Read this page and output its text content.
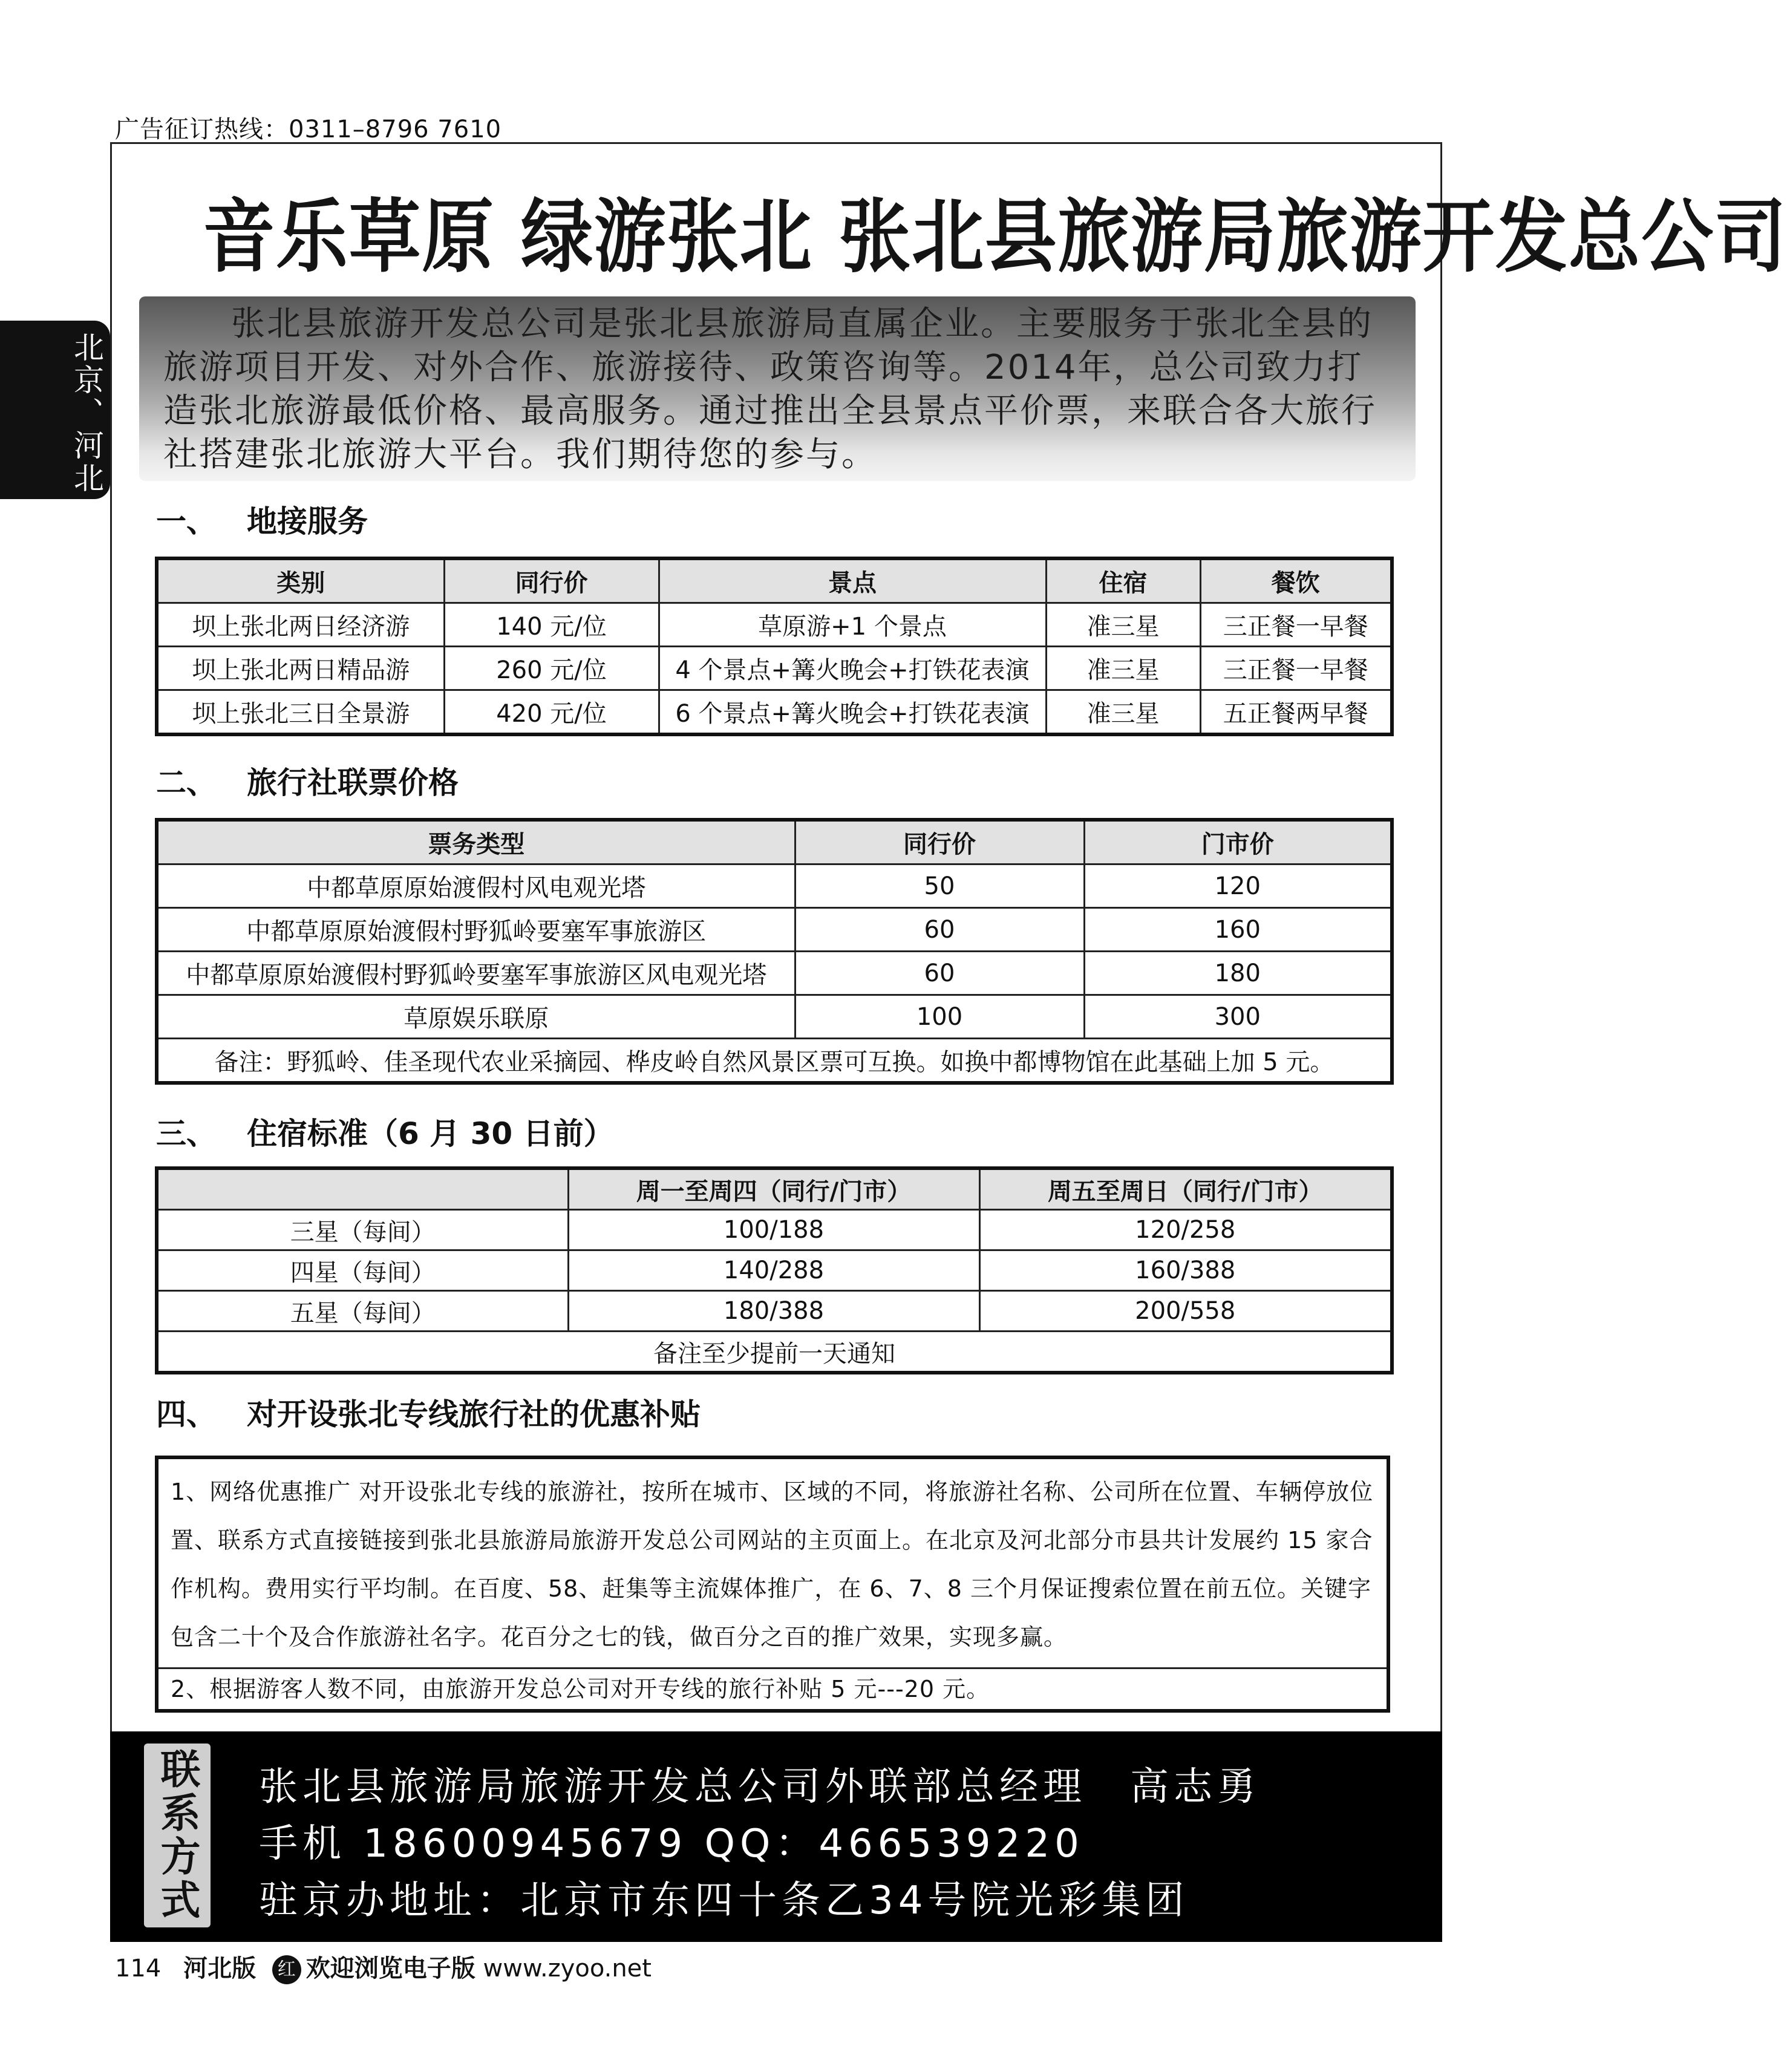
广告征订热线：0311–8796 7610
北京、河北
音乐草原 绿游张北 张北县旅游局旅游开发总公司
张北县旅游开发总公司是张北县旅游局直属企业。主要服务于张北全县的旅游项目开发、对外合作、旅游接待、政策咨询等。2014年，总公司致力打造张北旅游最低价格、最高服务。通过推出全县景点平价票，来联合各大旅行社搭建张北旅游大平台。我们期待您的参与。
一、 地接服务
类别	同行价	景点	住宿	餐饮
坝上张北两日经济游	140 元/位	草原游+1 个景点	准三星	三正餐一早餐
坝上张北两日精品游	260 元/位	4 个景点+篝火晚会+打铁花表演	准三星	三正餐一早餐
坝上张北三日全景游	420 元/位	6 个景点+篝火晚会+打铁花表演	准三星	五正餐两早餐
二、 旅行社联票价格
票务类型	同行价	门市价
中都草原原始渡假村风电观光塔	50	120
中都草原原始渡假村野狐岭要塞军事旅游区	60	160
中都草原原始渡假村野狐岭要塞军事旅游区风电观光塔	60	180
草原娱乐联原	100	300
备注：野狐岭、佳圣现代农业采摘园、桦皮岭自然风景区票可互换。如换中都博物馆在此基础上加 5 元。		
三、 住宿标准（6 月 30 日前）
	周一至周四（同行/门市）	周五至周日（同行/门市）
三星（每间）	100/188	120/258
四星（每间）	140/288	160/388
五星（每间）	180/388	200/558
备注至少提前一天通知		
四、 对开设张北专线旅行社的优惠补贴
1、网络优惠推广 对开设张北专线的旅游社，按所在城市、区域的不同，将旅游社名称、公司所在位置、车辆停放位置、联系方式直接链接到张北县旅游局旅游开发总公司网站的主页面上。在北京及河北部分市县共计发展约 15 家合作机构。费用实行平均制。在百度、58、赶集等主流媒体推广，在 6、7、8 三个月保证搜索位置在前五位。关键字包含二十个及合作旅游社名字。花百分之七的钱，做百分之百的推广效果，实现多赢。
2、根据游客人数不同，由旅游开发总公司对开专线的旅行补贴 5 元---20 元。
联系方式 张北县旅游局旅游开发总公司外联部总经理　高志勇
手机 18600945679 QQ：466539220
驻京办地址：北京市东四十条乙34号院光彩集团
114 河北版 红 欢迎浏览电子版 www.zyoo.net
